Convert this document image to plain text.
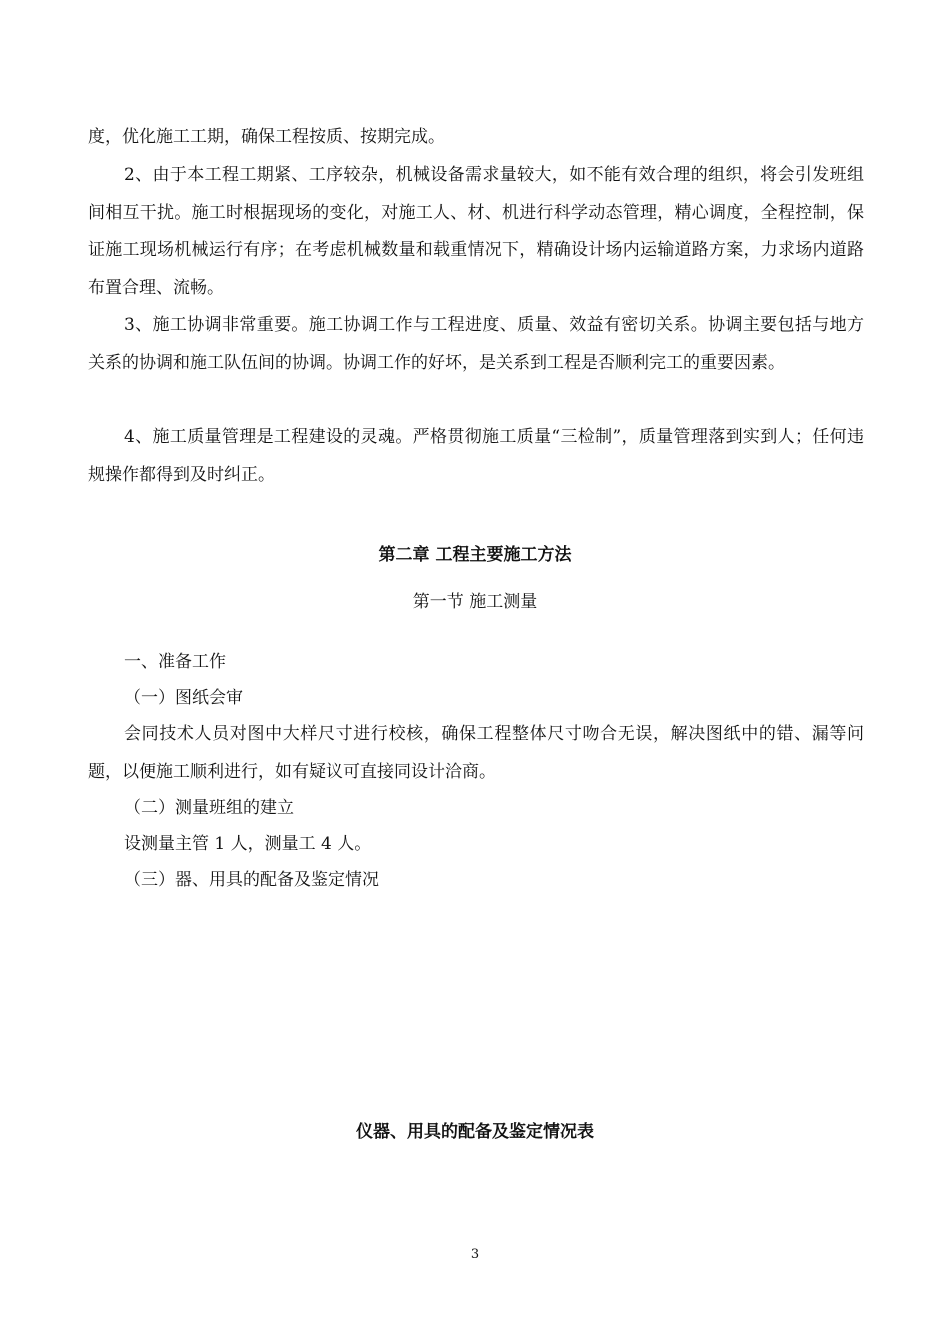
度，优化施工工期，确保工程按质、按期完成。

2、由于本工程工期紧、工序较杂，机械设备需求量较大，如不能有效合理的组织，将会引发班组间相互干扰。施工时根据现场的变化，对施工人、材、机进行科学动态管理，精心调度，全程控制，保证施工现场机械运行有序；在考虑机械数量和载重情况下，精确设计场内运输道路方案，力求场内道路布置合理、流畅。

3、施工协调非常重要。施工协调工作与工程进度、质量、效益有密切关系。协调主要包括与地方关系的协调和施工队伍间的协调。协调工作的好坏，是关系到工程是否顺利完工的重要因素。

4、施工质量管理是工程建设的灵魂。严格贯彻施工质量“三检制”，质量管理落到实到人；任何违规操作都得到及时纠正。

第二章 工程主要施工方法

第一节 施工测量

一、准备工作

（一）图纸会审

会同技术人员对图中大样尺寸进行校核，确保工程整体尺寸吻合无误，解决图纸中的错、漏等问题，以便施工顺利进行，如有疑议可直接同设计洽商。

（二）测量班组的建立

设测量主管 1 人，测量工 4 人。

（三）器、用具的配备及鉴定情况

仪器、用具的配备及鉴定情况表

3
